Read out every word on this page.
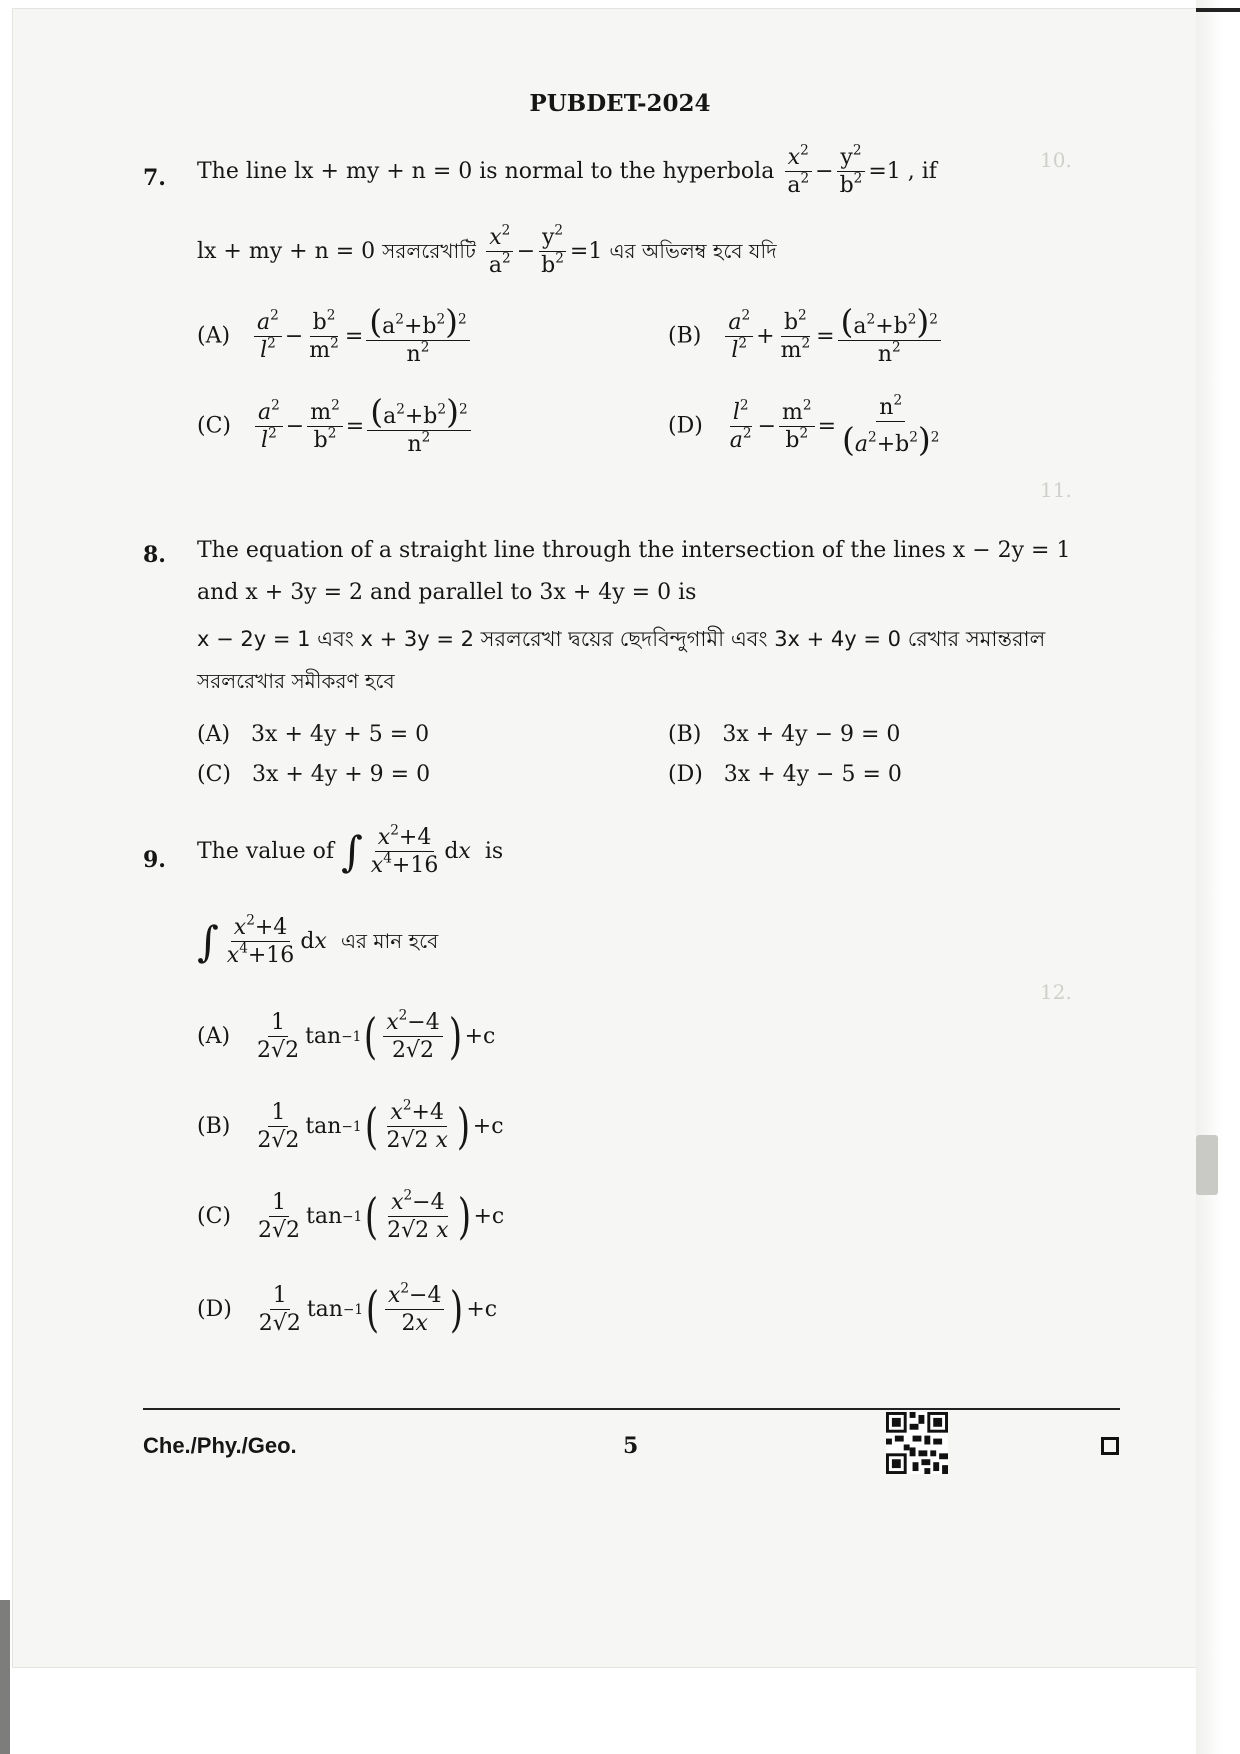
10.
11.
12.
PUBDET-2024
7. The line lx + my + n = 0 is normal to the hyperbola $\frac{x^2}{a^2} - \frac{y^2}{b^2} =1$ , if
lx + my + n = 0 সরলরেখাটি $\frac{x^2}{a^2} - \frac{y^2}{b^2} =1$ এর অভিলম্ব হবে যদি
$(A) \frac{a^2}{l^2} - \frac{b^2}{m^2} = \frac{(a^2+b^2)^2}{n^2}$	$(B) \frac{a^2}{l^2} + \frac{b^2}{m^2} = \frac{(a^2+b^2)^2}{n^2}$
$(C) \frac{a^2}{l^2} - \frac{m^2}{b^2} = \frac{(a^2+b^2)^2}{n^2}$	$(D) \frac{l^2}{a^2} - \frac{m^2}{b^2} = \frac{n^2}{(a^2+b^2)^2}$
8. The equation of a straight line through the intersection of the lines x − 2y = 1
and x + 3y = 2 and parallel to 3x + 4y = 0 is
x − 2y = 1 এবং x + 3y = 2 সরলরেখা দ্বয়ের ছেদবিন্দুগামী এবং 3x + 4y = 0 রেখার সমান্তরাল
সরলরেখার সমীকরণ হবে
(A) 3x + 4y + 5 = 0	(B) 3x + 4y − 9 = 0
(C) 3x + 4y + 9 = 0	(D) 3x + 4y − 5 = 0
9. The value of ∫ $\frac{x^2+4}{x^4+16}$ d x is
∫ $\frac{x^2+4}{x^4+16}$ d x এর মান হবে
$(A) \frac{1}{2√2}$ tan −1 ( $\frac{x^2-4}{2√2}$ ) +c
$(B) \frac{1}{2√2}$ tan −1 ( $\frac{x^2+4}{2√2 x}$ ) +c
$(C) \frac{1}{2√2}$ tan −1 ( $\frac{x^2-4}{2√2 x}$ ) +c
$(D) \frac{1}{2√2}$ tan −1 ( $\frac{x^2-4}{2x}$ ) +c
Che./Phy./Geo.	5
